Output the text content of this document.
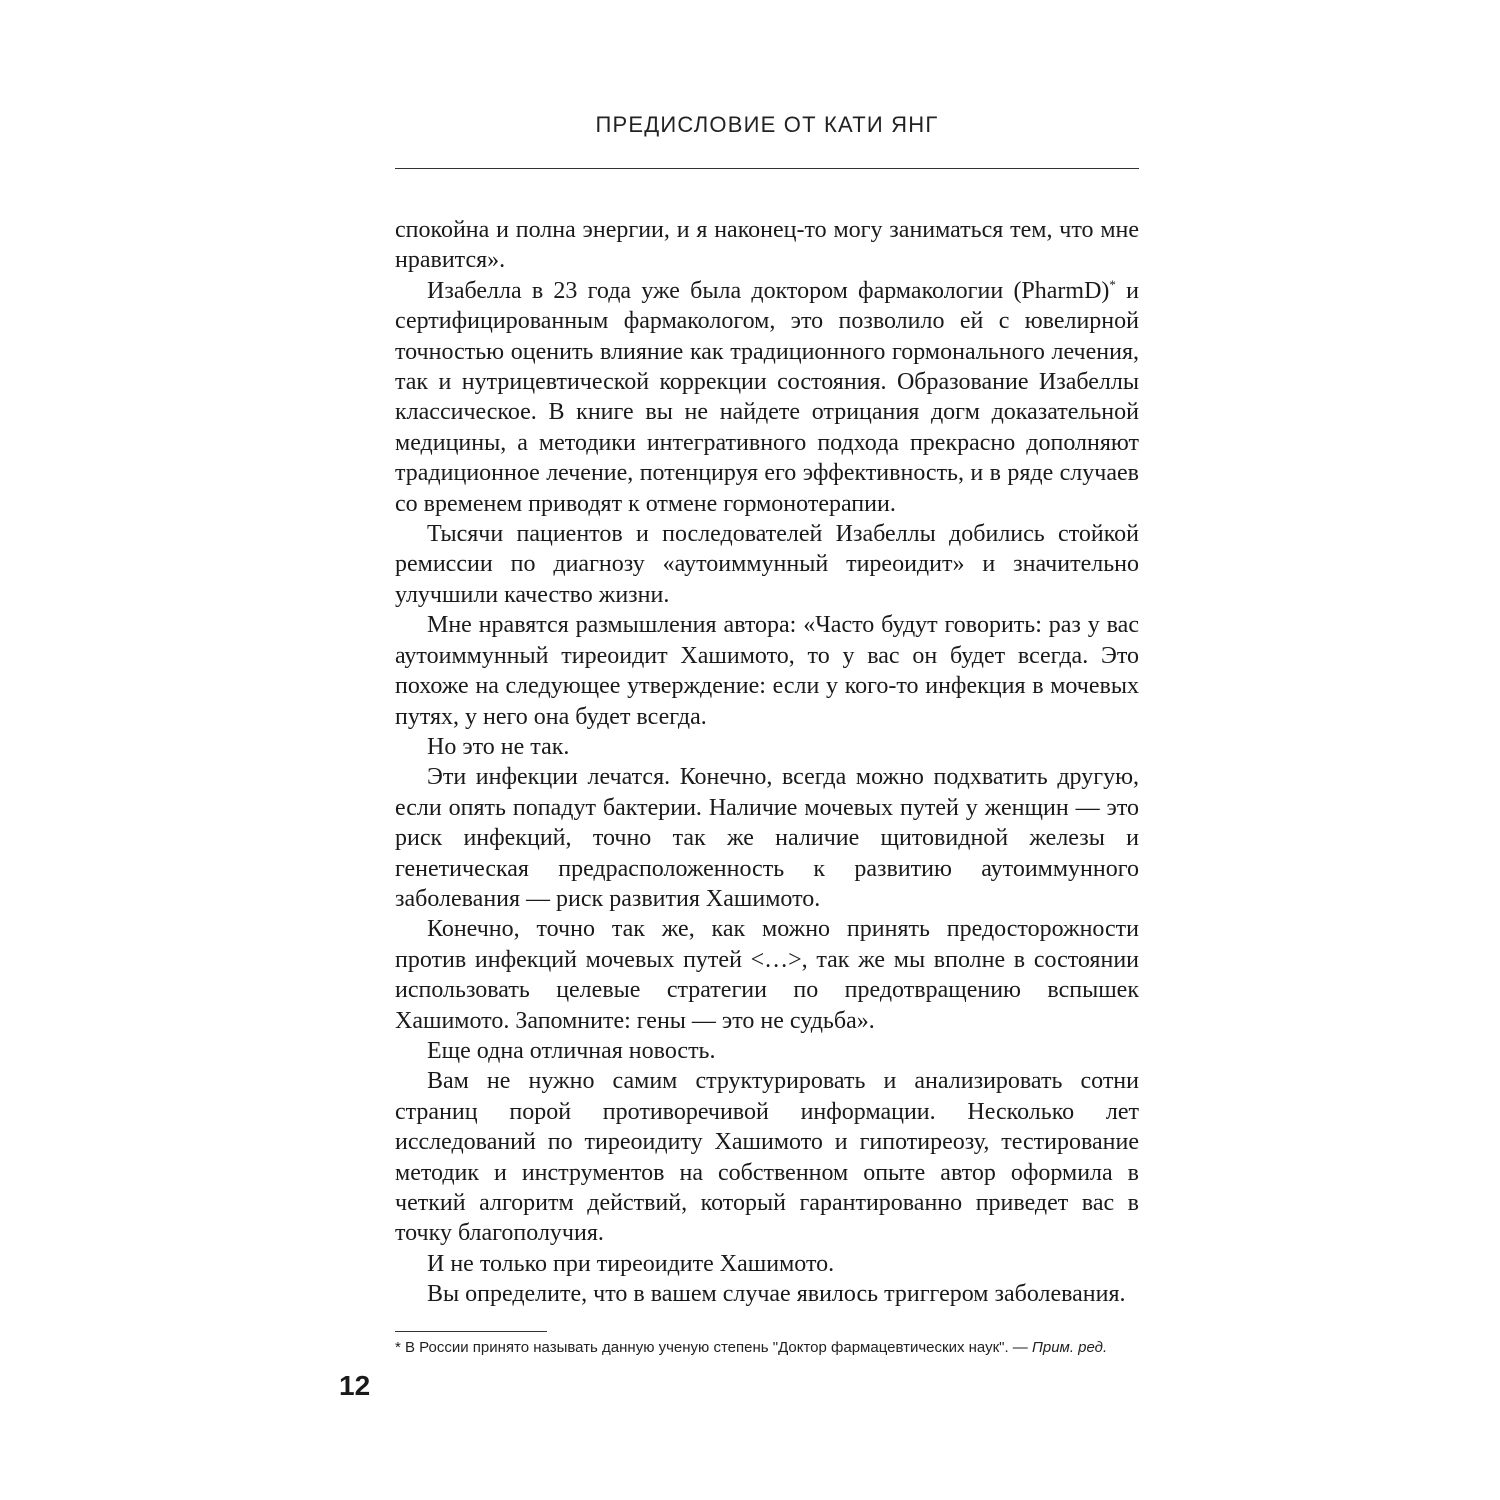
ПРЕДИСЛОВИЕ ОТ КАТИ ЯНГ

спокойна и полна энергии, и я наконец-то могу заниматься тем, что мне нравится».

Изабелла в 23 года уже была доктором фармакологии (PharmD)* и сертифицированным фармакологом, это позволило ей с ювелирной точностью оценить влияние как традиционного гормонального лечения, так и нутрицевтической коррекции состояния. Образование Изабеллы классическое. В книге вы не найдете отрицания догм доказательной медицины, а методики интегративного подхода прекрасно дополняют традиционное лечение, потенцируя его эффективность, и в ряде случаев со временем приводят к отмене гормонотерапии.

Тысячи пациентов и последователей Изабеллы добились стойкой ремиссии по диагнозу «аутоиммунный тиреоидит» и значительно улучшили качество жизни.

Мне нравятся размышления автора: «Часто будут говорить: раз у вас аутоиммунный тиреоидит Хашимото, то у вас он будет всегда. Это похоже на следующее утверждение: если у кого-то инфекция в мочевых путях, у него она будет всегда.

Но это не так.

Эти инфекции лечатся. Конечно, всегда можно подхватить другую, если опять попадут бактерии. Наличие мочевых путей у женщин — это риск инфекций, точно так же наличие щитовидной железы и генетическая предрасположенность к развитию аутоиммунного заболевания — риск развития Хашимото.

Конечно, точно так же, как можно принять предосторожности против инфекций мочевых путей <…>, так же мы вполне в состоянии использовать целевые стратегии по предотвращению вспышек Хашимото. Запомните: гены — это не судьба».

Еще одна отличная новость.

Вам не нужно самим структурировать и анализировать сотни страниц порой противоречивой информации. Несколько лет исследований по тиреоидиту Хашимото и гипотиреозу, тестирование методик и инструментов на собственном опыте автор оформила в четкий алгоритм действий, который гарантированно приведет вас в точку благополучия.

И не только при тиреоидите Хашимото.

Вы определите, что в вашем случае явилось триггером заболевания.

* В России принято называть данную ученую степень "Доктор фармацевтических наук". — Прим. ред.
12
